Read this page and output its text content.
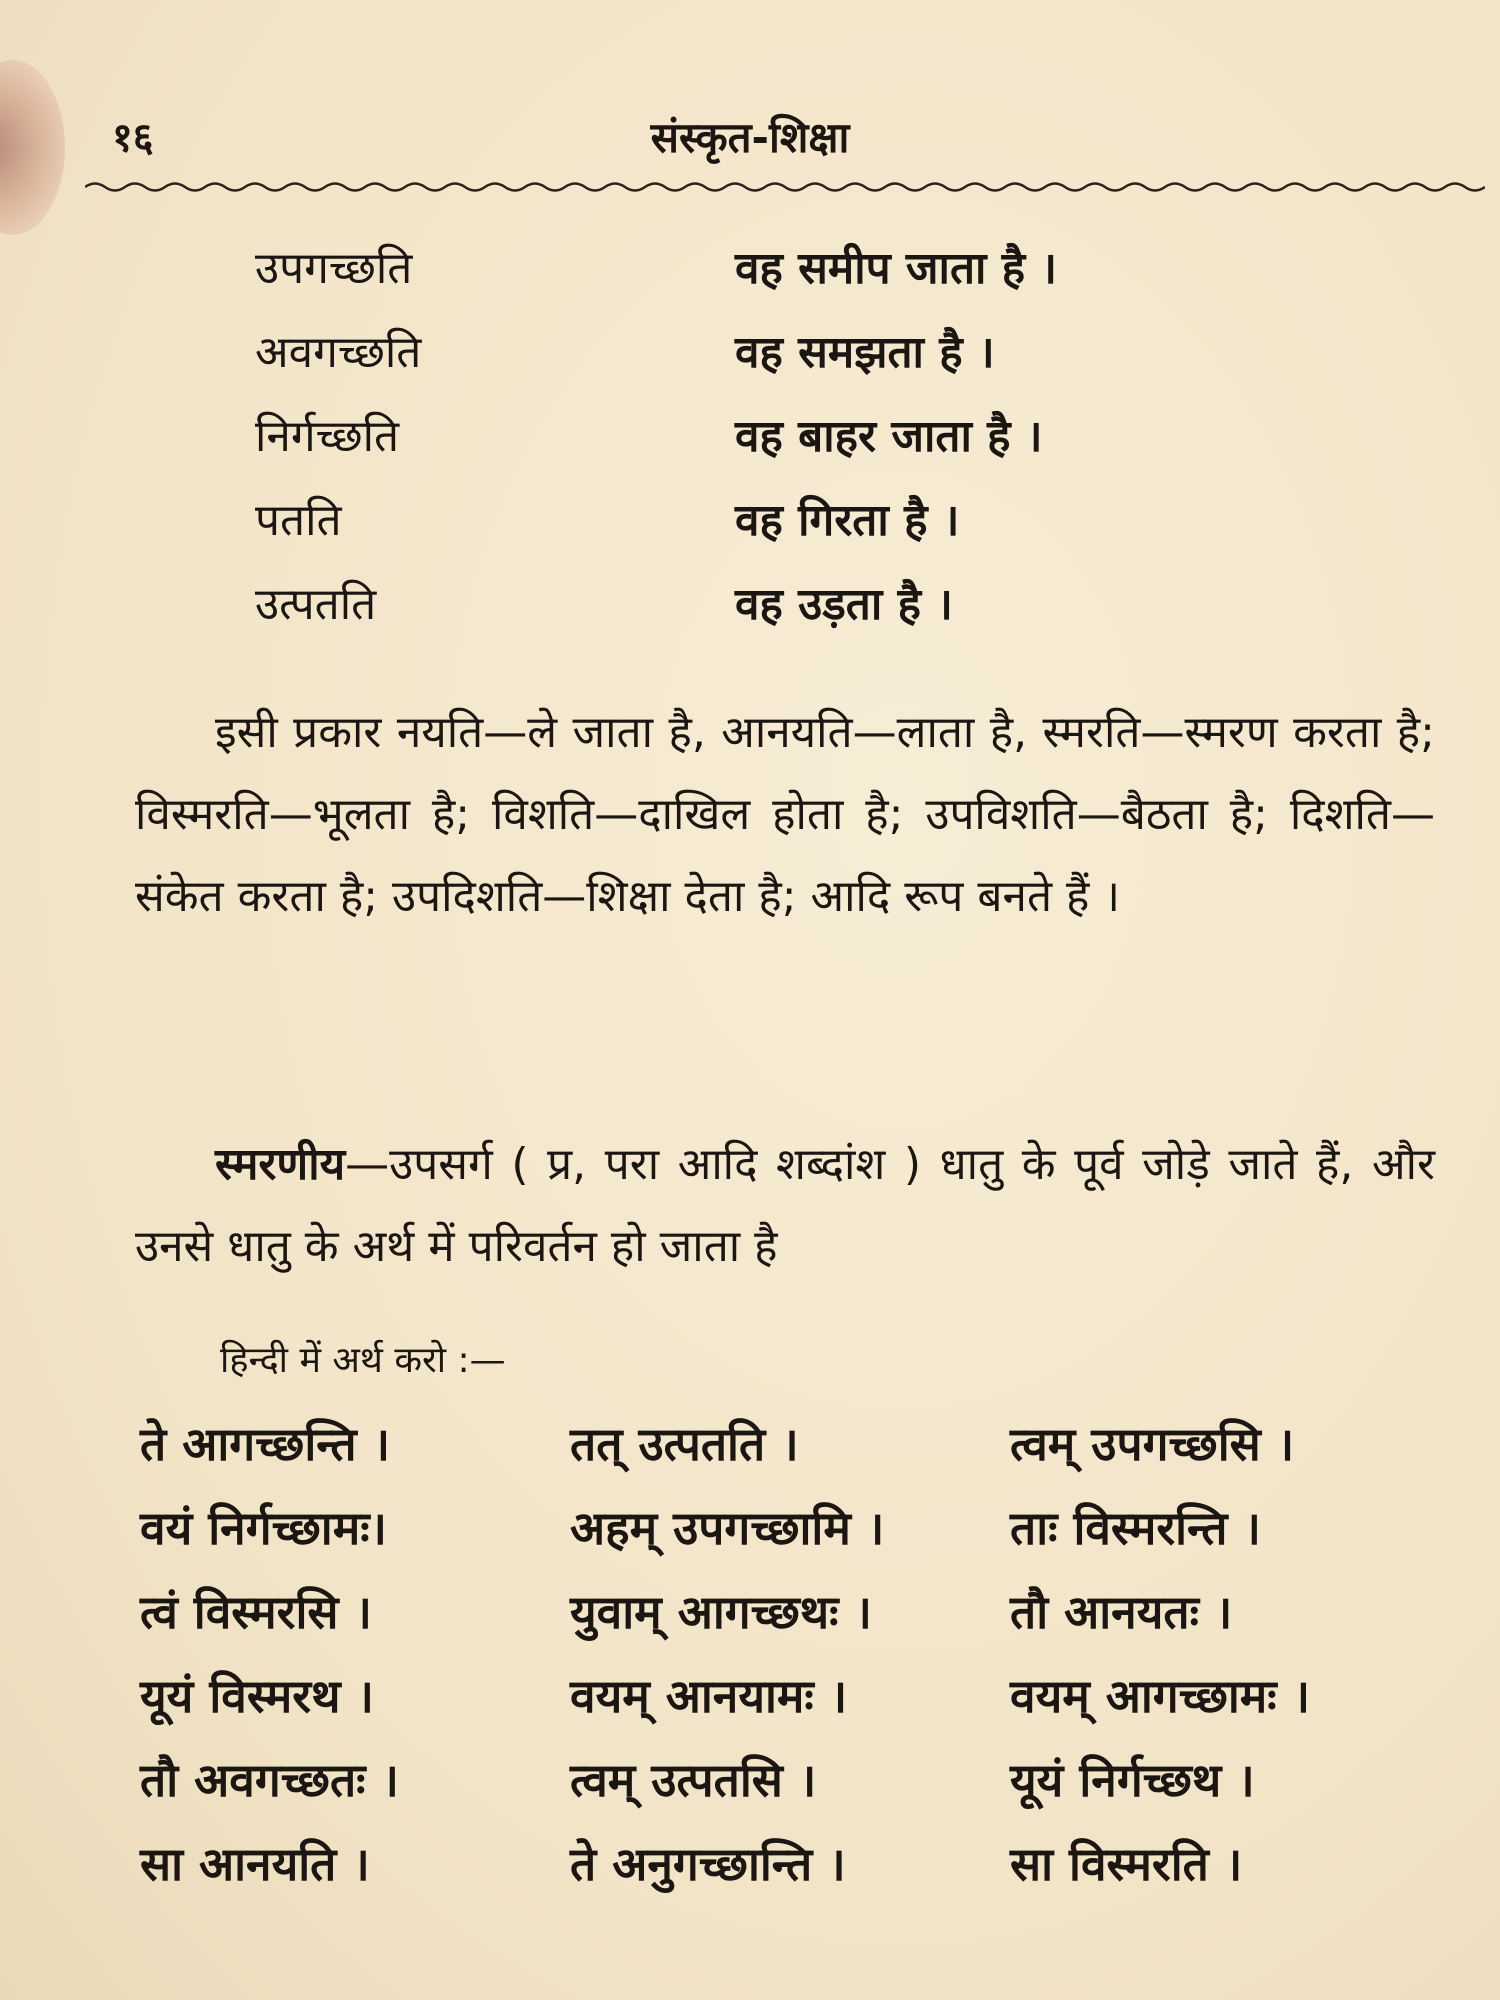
१६	संस्कृत-शिक्षा
उपगच्छति	वह समीप जाता है ।
अवगच्छति	वह समझता है ।
निर्गच्छति	वह बाहर जाता है ।
पतति	वह गिरता है ।
उत्पतति	वह उड़ता है ।

इसी प्रकार नयति—ले जाता है, आनयति—लाता है, स्मरति—स्मरण करता है; विस्मरति—भूलता है; विशति—दाखिल होता है; उपविशति—बैठता है; दिशति—संकेत करता है; उपदिशति—शिक्षा देता है; आदि रूप बनते हैं ।

स्मरणीय—उपसर्ग ( प्र, परा आदि शब्दांश ) धातु के पूर्व जोड़े जाते हैं, और उनसे धातु के अर्थ में परिवर्तन हो जाता है

हिन्दी में अर्थ करो :—
ते आगच्छन्ति ।	तत् उत्पतति ।	त्वम् उपगच्छसि ।
वयं निर्गच्छामः।	अहम् उपगच्छामि ।	ताः विस्मरन्ति ।
त्वं विस्मरसि ।	युवाम् आगच्छथः ।	तौ आनयतः ।
यूयं विस्मरथ ।	वयम् आनयामः ।	वयम् आगच्छामः ।
तौ अवगच्छतः ।	त्वम् उत्पतसि ।	यूयं निर्गच्छथ ।
सा आनयति ।	ते अनुगच्छान्ति ।	सा विस्मरति ।
